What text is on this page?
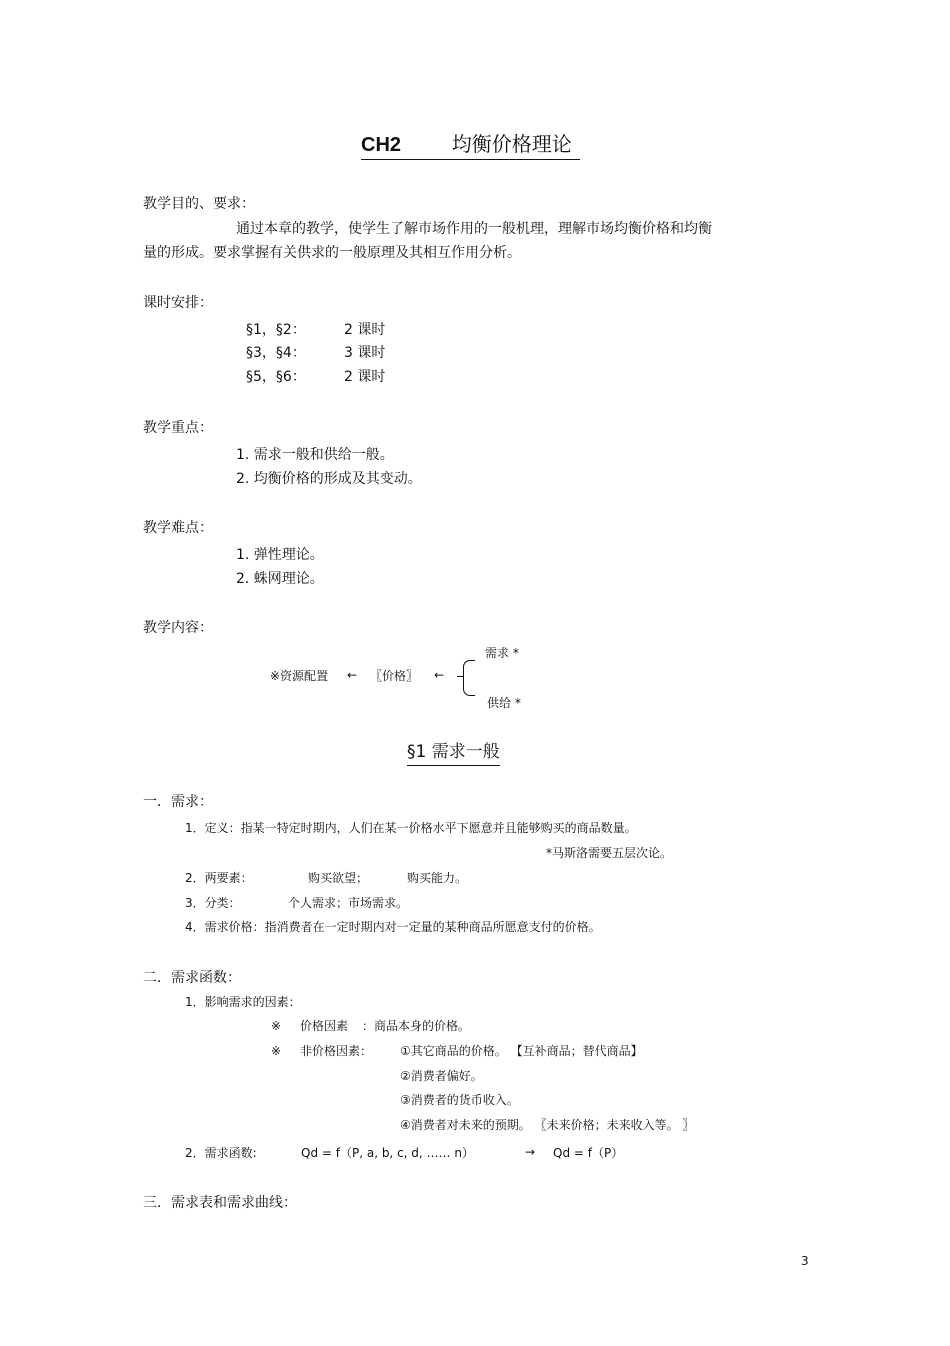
CH2	均衡价格理论
教学目的、要求：
通过本章的教学，使学生了解市场作用的一般机理，理解市场均衡价格和均衡
量的形成。要求掌握有关供求的一般原理及其相互作用分析。
课时安排：
§1，§2：	2 课时
§3，§4：	3 课时
§5，§6：	2 课时
教学重点：
1. 需求一般和供给一般。
2. 均衡价格的形成及其变动。
教学难点：
1. 弹性理论。
2. 蛛网理论。
教学内容：
需求 *
※资源配置 ← 〖价格〗 ←
供给 *
§1 需求一般
一．需求：
1．定义：指某一特定时期内，人们在某一价格水平下愿意并且能够购买的商品数量。
*马斯洛需要五层次论。
2．两要素：	购买欲望；	购买能力。
3．分类：	个人需求；市场需求。
4．需求价格：指消费者在一定时期内对一定量的某种商品所愿意支付的价格。
二．需求函数：
1．影响需求的因素：
※ 价格因素 ：商品本身的价格。
※ 非价格因素： ①其它商品的价格。 【互补商品；替代商品】
②消费者偏好。
③消费者的货币收入。
④消费者对未来的预期。 〖未来价格；未来收入等。 〗
2．需求函数:	Qd = f（P, a, b, c, d, …… n）	→ Qd = f（P）
三．需求表和需求曲线：
3
